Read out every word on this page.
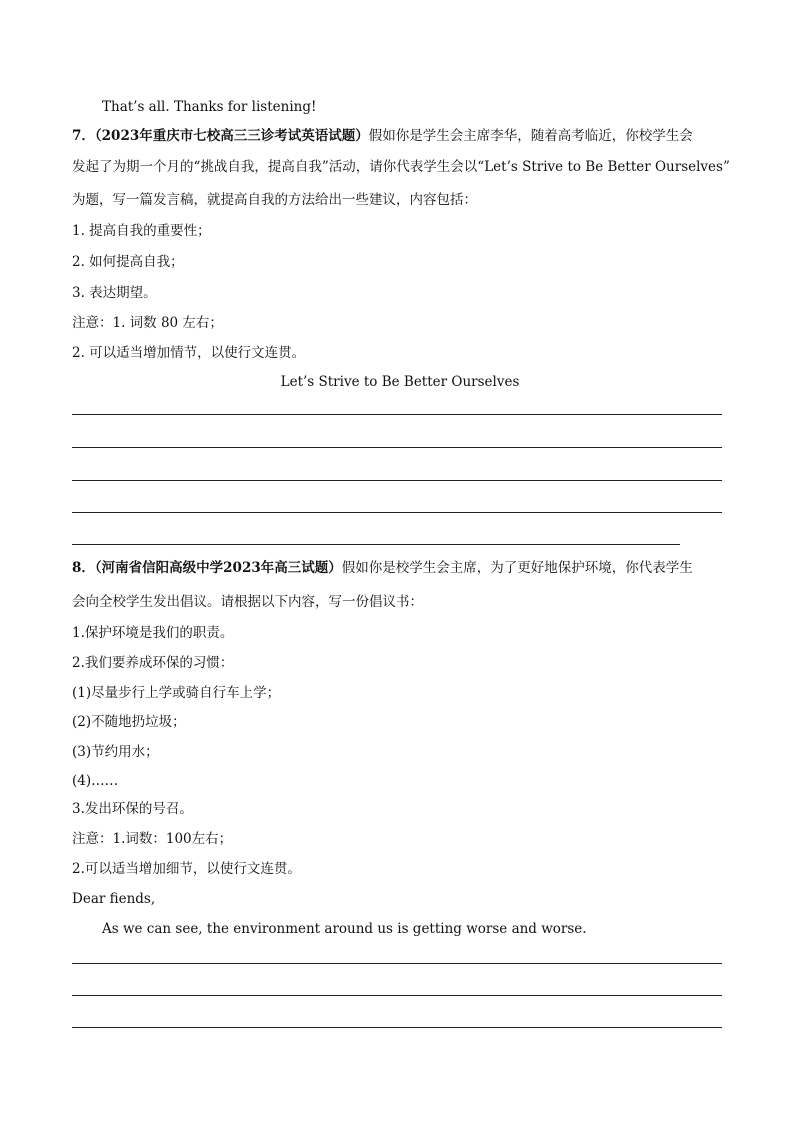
That’s all. Thanks for listening!
7．（2023年重庆市七校高三三诊考试英语试题）假如你是学生会主席李华，随着高考临近，你校学生会
发起了为期一个月的“挑战自我，提高自我”活动，请你代表学生会以“Let’s Strive to Be Better Ourselves”
为题，写一篇发言稿，就提高自我的方法给出一些建议，内容包括：
1. 提高自我的重要性；
2. 如何提高自我；
3. 表达期望。
注意：1. 词数 80 左右；
2. 可以适当增加情节，以使行文连贯。
Let’s Strive to Be Better Ourselves
8．（河南省信阳高级中学2023年高三试题）假如你是校学生会主席，为了更好地保护环境，你代表学生
会向全校学生发出倡议。请根据以下内容，写一份倡议书：
1.保护环境是我们的职责。
2.我们要养成环保的习惯：
(1)尽量步行上学或骑自行车上学；
(2)不随地扔垃圾；
(3)节约用水；
(4)……
3.发出环保的号召。
注意：1.词数：100左右；
2.可以适当增加细节，以使行文连贯。
Dear fiends,
As we can see, the environment around us is getting worse and worse.
